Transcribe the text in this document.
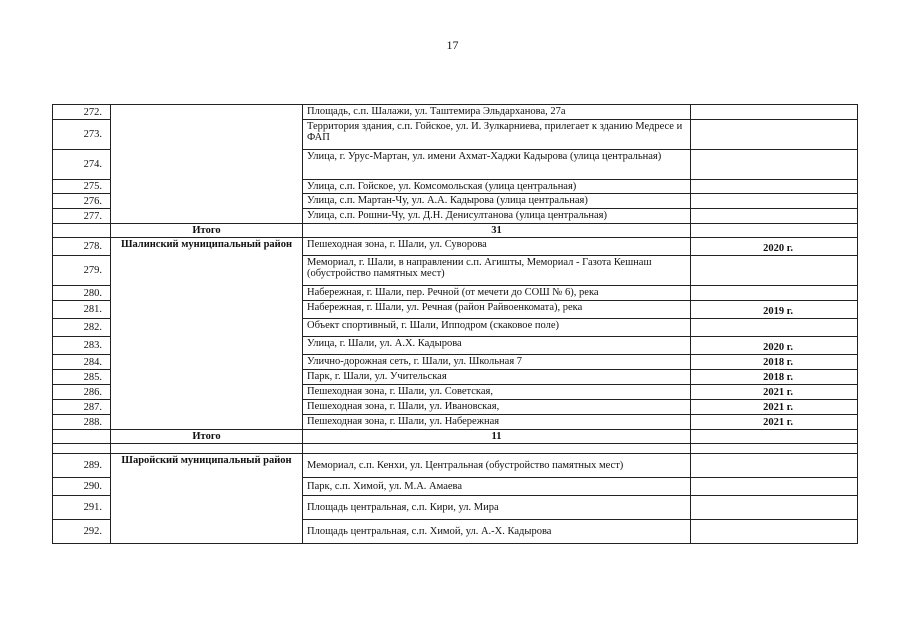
17
272.		Площадь, с.п. Шалажи, ул. Таштемира Эльдарханова, 27а	
273.		Территория здания, с.п. Гойское, ул. И. Зулкарниева, прилегает к зданию Медресе и ФАП	
274.		Улица, г. Урус-Мартан, ул. имени Ахмат-Хаджи Кадырова (улица центральная)	
275.		Улица, с.п. Гойское, ул. Комсомольская (улица центральная)	
276.		Улица, с.п. Мартан-Чу, ул. А.А. Кадырова (улица центральная)	
277.		Улица, с.п. Рошни-Чу, ул. Д.Н. Денисултанова (улица центральная)	
	Итого	31	
278.	Шалинский муниципальный район	Пешеходная зона, г. Шали, ул. Суворова	2020 г.
279.		Мемориал, г. Шали, в направлении с.п. Агишты, Мемориал - Газота Кешнаш (обустройство памятных мест)	
280.		Набережная, г. Шали, пер. Речной (от мечети до СОШ № 6), река	
281.		Набережная, г. Шали, ул. Речная (район Райвоенкомата), река	2019 г.
282.		Объект спортивный, г. Шали, Ипподром (скаковое поле)	
283.		Улица, г. Шали, ул. А.Х. Кадырова	2020 г.
284.		Улично-дорожная сеть, г. Шали, ул. Школьная 7	2018 г.
285.		Парк, г. Шали, ул. Учительская	2018 г.
286.		Пешеходная зона, г. Шали, ул. Советская,	2021 г.
287.		Пешеходная зона, г. Шали, ул. Ивановская,	2021 г.
288.		Пешеходная зона, г. Шали, ул. Набережная	2021 г.
	Итого	11	

289.	Шаройский муниципальный район	Мемориал, с.п. Кенхи, ул. Центральная (обустройство памятных мест)	
290.		Парк, с.п. Химой, ул. М.А. Амаева	
291.		Площадь центральная, с.п. Кири, ул. Мира	
292.		Площадь центральная, с.п. Химой, ул. А.-Х. Кадырова	
